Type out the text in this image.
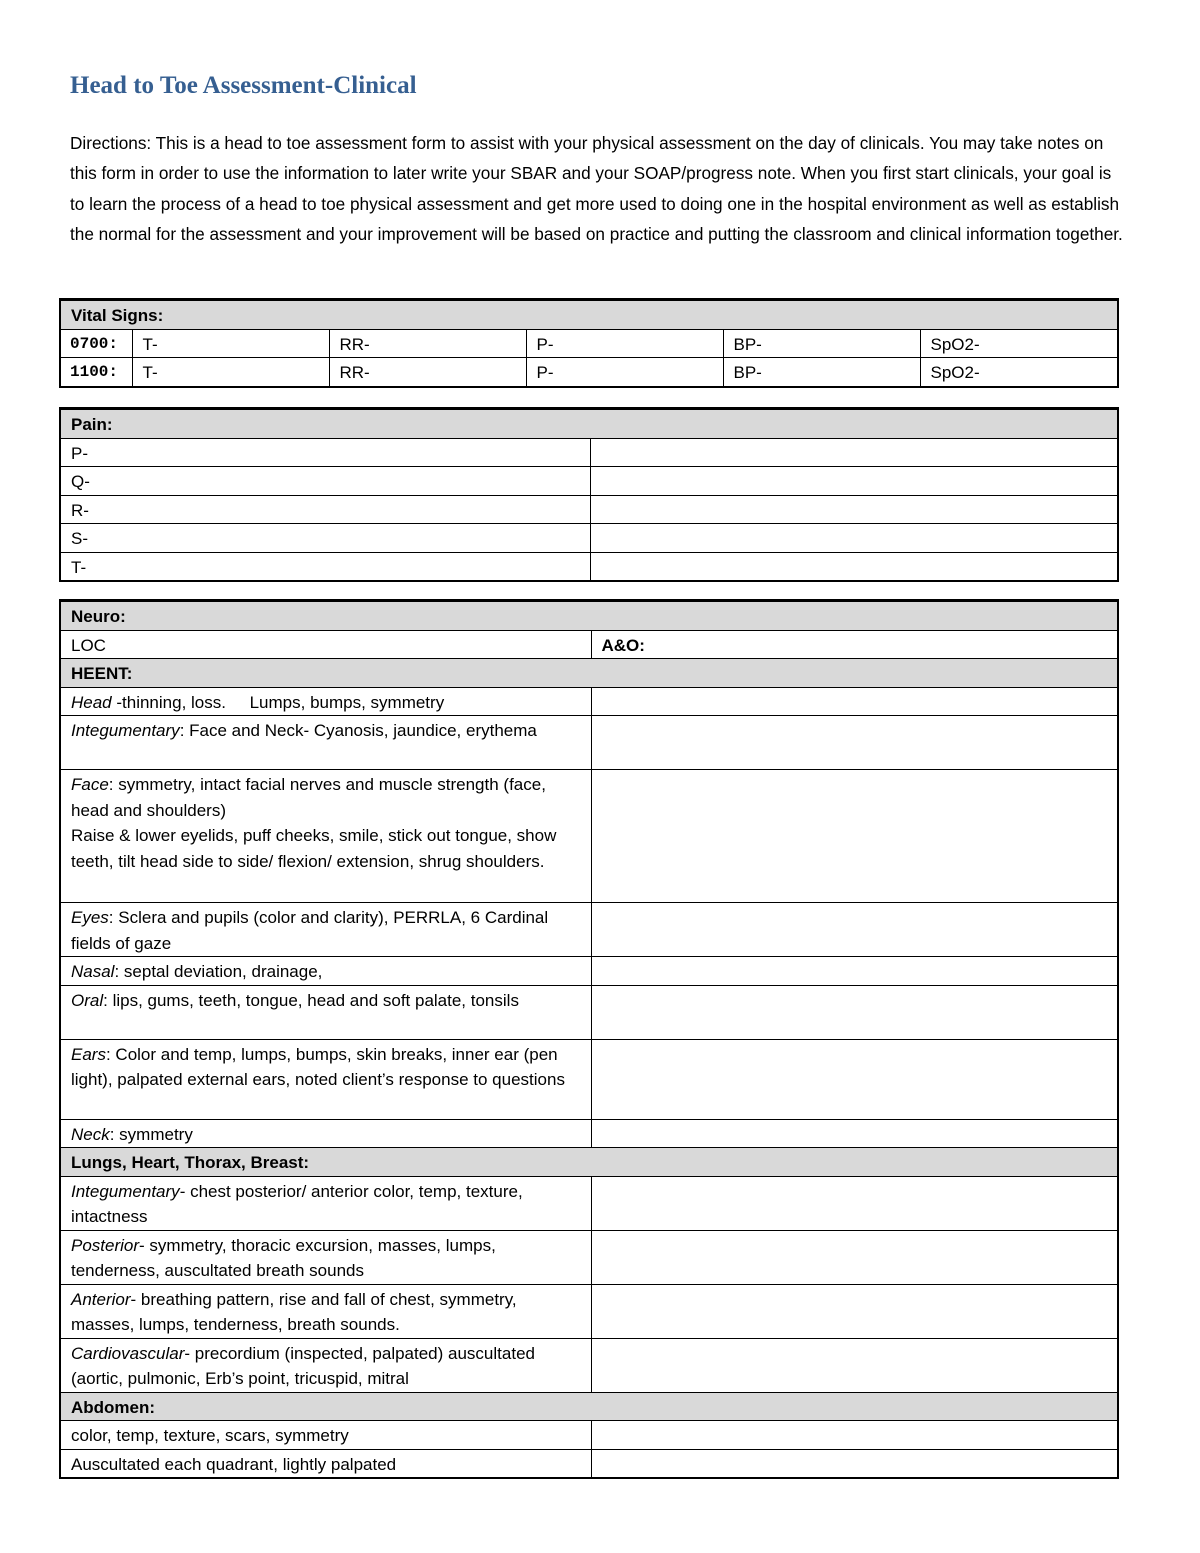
Head to Toe Assessment-Clinical

Directions: This is a head to toe assessment form to assist with your physical assessment on the day of clinicals. You may take notes on this form in order to use the information to later write your SBAR and your SOAP/progress note. When you first start clinicals, your goal is to learn the process of a head to toe physical assessment and get more used to doing one in the hospital environment as well as establish the normal for the assessment and your improvement will be based on practice and putting the classroom and clinical information together.

Vital Signs:					
0700:	T-	RR-	P-	BP-	SpO2-
1100:	T-	RR-	P-	BP-	SpO2-
Pain:	
P-	
Q-	
R-	
S-	
T-	
Neuro:	
LOC	A&O:
HEENT:	
Head -thinning, loss.     Lumps, bumps, symmetry	
Integumentary: Face and Neck- Cyanosis, jaundice, erythema	
Face: symmetry, intact facial nerves and muscle strength (face, head and shoulders)
Raise & lower eyelids, puff cheeks, smile, stick out tongue, show teeth, tilt head side to side/ flexion/ extension, shrug shoulders.	
Eyes: Sclera and pupils (color and clarity), PERRLA, 6 Cardinal fields of gaze	
Nasal: septal deviation, drainage,	
Oral: lips, gums, teeth, tongue, head and soft palate, tonsils	
Ears: Color and temp, lumps, bumps, skin breaks, inner ear (pen light), palpated external ears, noted client’s response to questions	
Neck: symmetry	
Lungs, Heart, Thorax, Breast:	
Integumentary- chest posterior/ anterior color, temp, texture, intactness	
Posterior- symmetry, thoracic excursion, masses, lumps, tenderness, auscultated breath sounds	
Anterior- breathing pattern, rise and fall of chest, symmetry, masses, lumps, tenderness, breath sounds.	
Cardiovascular- precordium (inspected, palpated) auscultated (aortic, pulmonic, Erb’s point, tricuspid, mitral	
Abdomen:	
color, temp, texture, scars, symmetry	
Auscultated each quadrant, lightly palpated	
